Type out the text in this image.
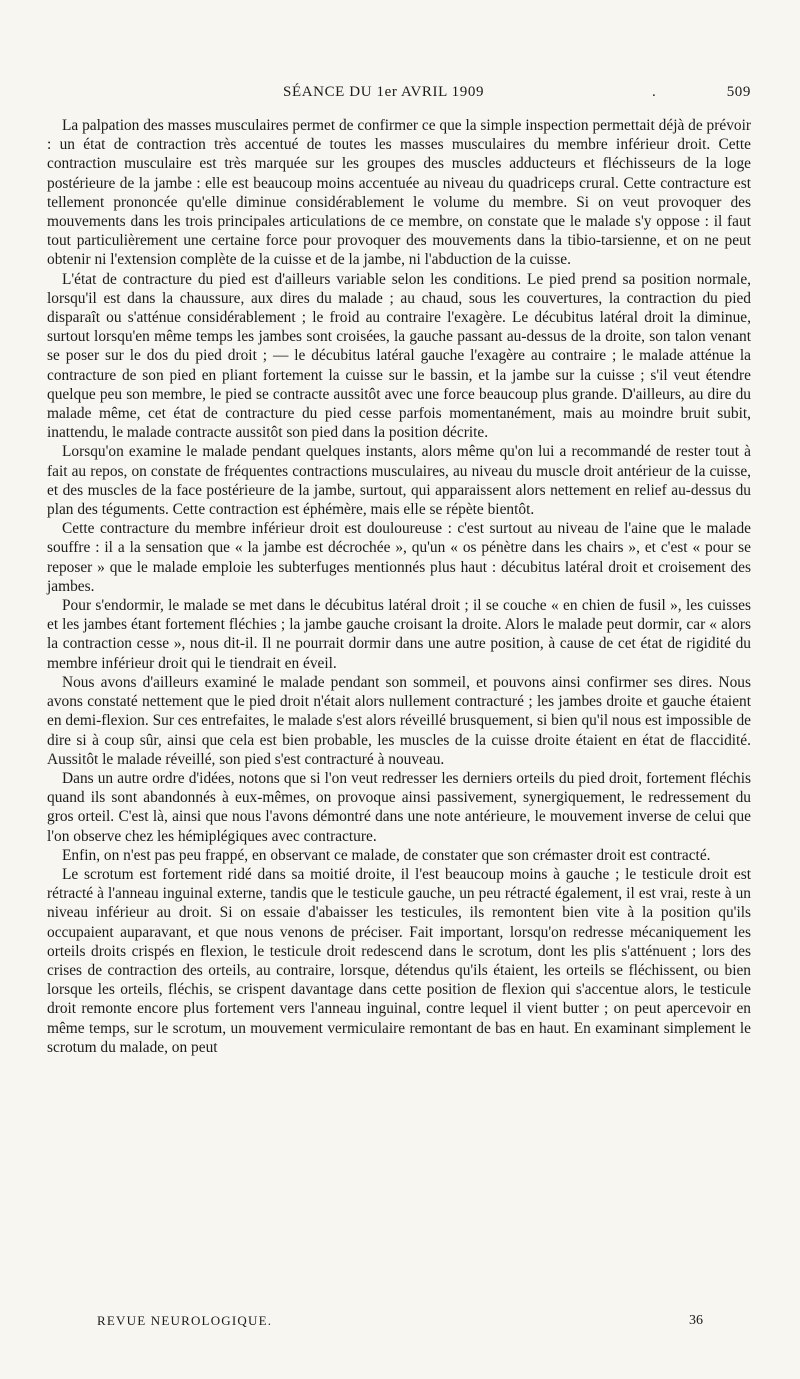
SÉANCE DU 1er AVRIL 1909	.	509

La palpation des masses musculaires permet de confirmer ce que la simple inspection permettait déjà de prévoir : un état de contraction très accentué de toutes les masses musculaires du membre inférieur droit. Cette contraction musculaire est très marquée sur les groupes des muscles adducteurs et fléchisseurs de la loge postérieure de la jambe : elle est beaucoup moins accentuée au niveau du quadriceps crural. Cette contracture est tellement prononcée qu'elle diminue considérablement le volume du membre. Si on veut provoquer des mouvements dans les trois principales articulations de ce membre, on constate que le malade s'y oppose : il faut tout particulièrement une certaine force pour provoquer des mouvements dans la tibio-tarsienne, et on ne peut obtenir ni l'extension complète de la cuisse et de la jambe, ni l'abduction de la cuisse.

L'état de contracture du pied est d'ailleurs variable selon les conditions. Le pied prend sa position normale, lorsqu'il est dans la chaussure, aux dires du malade ; au chaud, sous les couvertures, la contraction du pied disparaît ou s'atténue considérablement ; le froid au contraire l'exagère. Le décubitus latéral droit la diminue, surtout lorsqu'en même temps les jambes sont croisées, la gauche passant au-dessus de la droite, son talon venant se poser sur le dos du pied droit ; — le décubitus latéral gauche l'exagère au contraire ; le malade atténue la contracture de son pied en pliant fortement la cuisse sur le bassin, et la jambe sur la cuisse ; s'il veut étendre quelque peu son membre, le pied se contracte aussitôt avec une force beaucoup plus grande. D'ailleurs, au dire du malade même, cet état de contracture du pied cesse parfois momentanément, mais au moindre bruit subit, inattendu, le malade contracte aussitôt son pied dans la position décrite.

Lorsqu'on examine le malade pendant quelques instants, alors même qu'on lui a recommandé de rester tout à fait au repos, on constate de fréquentes contractions musculaires, au niveau du muscle droit antérieur de la cuisse, et des muscles de la face postérieure de la jambe, surtout, qui apparaissent alors nettement en relief au-dessus du plan des téguments. Cette contraction est éphémère, mais elle se répète bientôt.

Cette contracture du membre inférieur droit est douloureuse : c'est surtout au niveau de l'aine que le malade souffre : il a la sensation que « la jambe est décrochée », qu'un « os pénètre dans les chairs », et c'est « pour se reposer » que le malade emploie les subterfuges mentionnés plus haut : décubitus latéral droit et croisement des jambes.

Pour s'endormir, le malade se met dans le décubitus latéral droit ; il se couche « en chien de fusil », les cuisses et les jambes étant fortement fléchies ; la jambe gauche croisant la droite. Alors le malade peut dormir, car « alors la contraction cesse », nous dit-il. Il ne pourrait dormir dans une autre position, à cause de cet état de rigidité du membre inférieur droit qui le tiendrait en éveil.

Nous avons d'ailleurs examiné le malade pendant son sommeil, et pouvons ainsi confirmer ses dires. Nous avons constaté nettement que le pied droit n'était alors nullement contracturé ; les jambes droite et gauche étaient en demi-flexion. Sur ces entrefaites, le malade s'est alors réveillé brusquement, si bien qu'il nous est impossible de dire si à coup sûr, ainsi que cela est bien probable, les muscles de la cuisse droite étaient en état de flaccidité. Aussitôt le malade réveillé, son pied s'est contracturé à nouveau.

Dans un autre ordre d'idées, notons que si l'on veut redresser les derniers orteils du pied droit, fortement fléchis quand ils sont abandonnés à eux-mêmes, on provoque ainsi passivement, synergiquement, le redressement du gros orteil. C'est là, ainsi que nous l'avons démontré dans une note antérieure, le mouvement inverse de celui que l'on observe chez les hémiplégiques avec contracture.

Enfin, on n'est pas peu frappé, en observant ce malade, de constater que son crémaster droit est contracté.

Le scrotum est fortement ridé dans sa moitié droite, il l'est beaucoup moins à gauche ; le testicule droit est rétracté à l'anneau inguinal externe, tandis que le testicule gauche, un peu rétracté également, il est vrai, reste à un niveau inférieur au droit. Si on essaie d'abaisser les testicules, ils remontent bien vite à la position qu'ils occupaient auparavant, et que nous venons de préciser. Fait important, lorsqu'on redresse mécaniquement les orteils droits crispés en flexion, le testicule droit redescend dans le scrotum, dont les plis s'atténuent ; lors des crises de contraction des orteils, au contraire, lorsque, détendus qu'ils étaient, les orteils se fléchissent, ou bien lorsque les orteils, fléchis, se crispent davantage dans cette position de flexion qui s'accentue alors, le testicule droit remonte encore plus fortement vers l'anneau inguinal, contre lequel il vient butter ; on peut apercevoir en même temps, sur le scrotum, un mouvement vermiculaire remontant de bas en haut. En examinant simplement le scrotum du malade, on peut

REVUE NEUROLOGIQUE.	36
